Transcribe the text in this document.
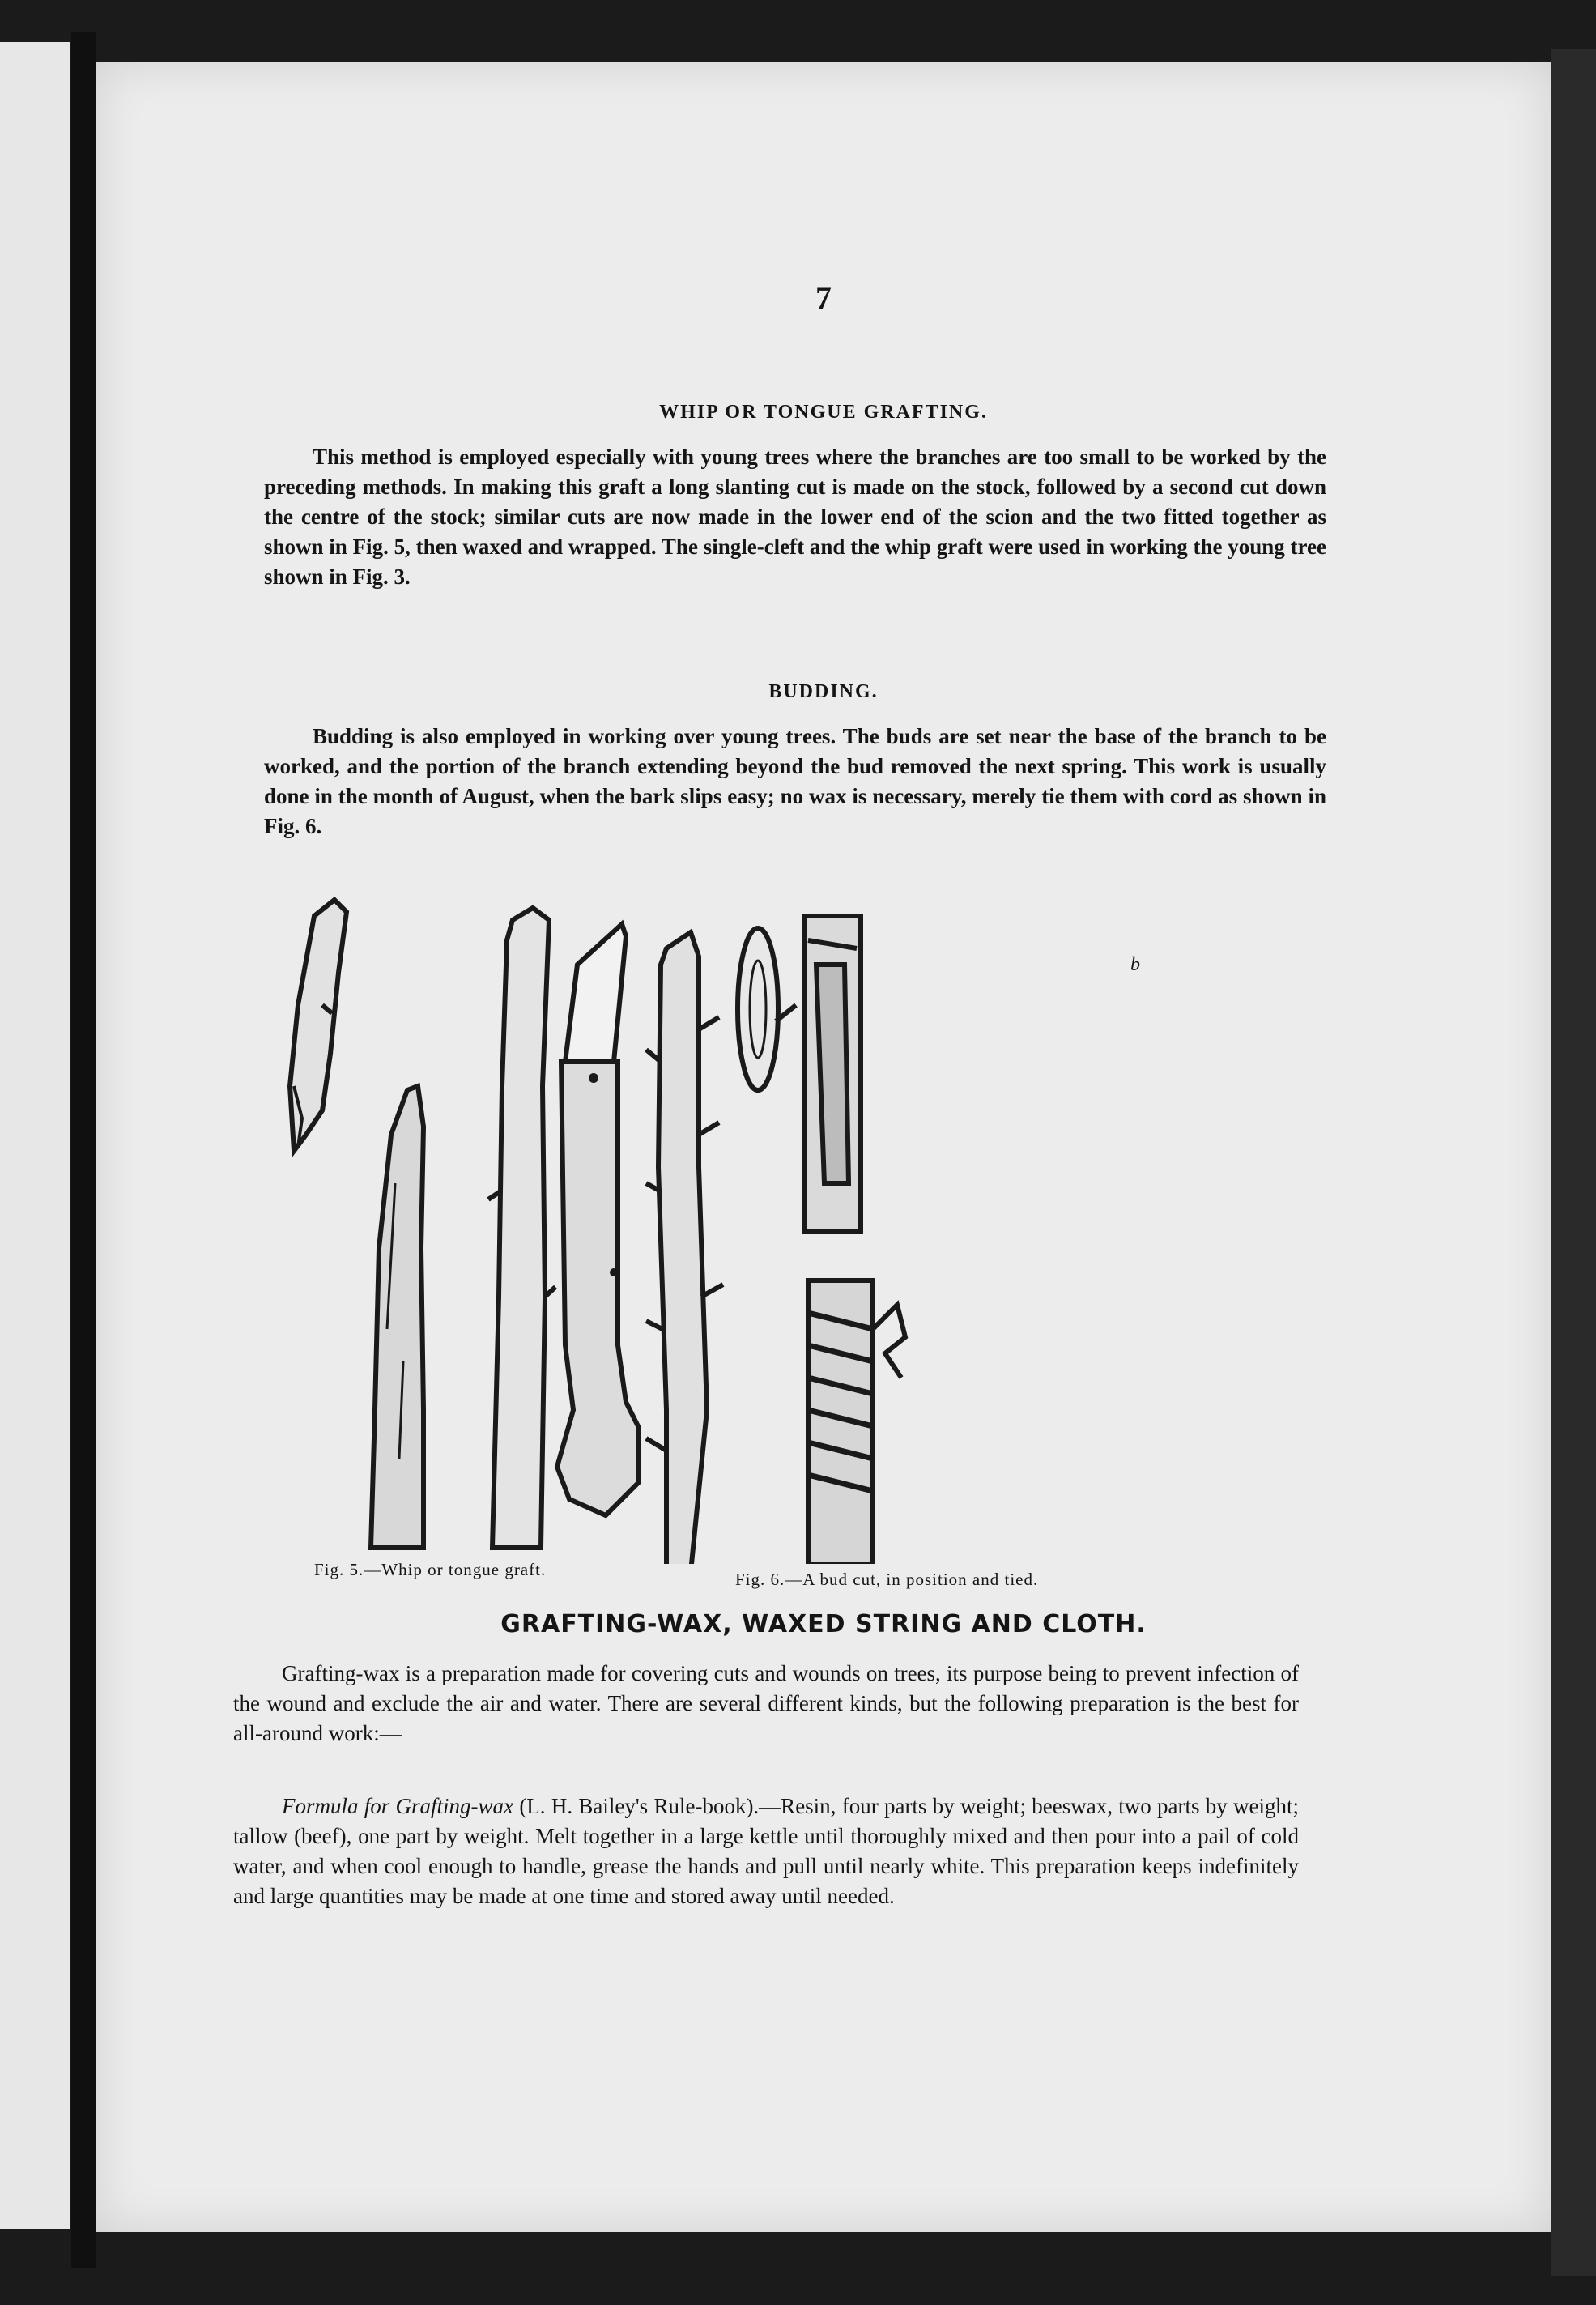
7
WHIP OR TONGUE GRAFTING.

This method is employed especially with young trees where the branches are too small to be worked by the preceding methods. In making this graft a long slanting cut is made on the stock, followed by a second cut down the centre of the stock; similar cuts are now made in the lower end of the scion and the two fitted together as shown in Fig. 5, then waxed and wrapped. The single-cleft and the whip graft were used in working the young tree shown in Fig. 3.

BUDDING.

Budding is also employed in working over young trees. The buds are set near the base of the branch to be worked, and the portion of the branch extending beyond the bud removed the next spring. This work is usually done in the month of August, when the bark slips easy; no wax is necessary, merely tie them with cord as shown in Fig. 6.

b
Fig. 5.—Whip or tongue graft.	Fig. 6.—A bud cut, in position and tied.
GRAFTING-WAX, WAXED STRING AND CLOTH.

Grafting-wax is a preparation made for covering cuts and wounds on trees, its purpose being to prevent infection of the wound and exclude the air and water. There are several different kinds, but the following preparation is the best for all-around work:—

Formula for Grafting-wax (L. H. Bailey's Rule-book).—Resin, four parts by weight; beeswax, two parts by weight; tallow (beef), one part by weight. Melt together in a large kettle until thoroughly mixed and then pour into a pail of cold water, and when cool enough to handle, grease the hands and pull until nearly white. This preparation keeps indefinitely and large quantities may be made at one time and stored away until needed.
